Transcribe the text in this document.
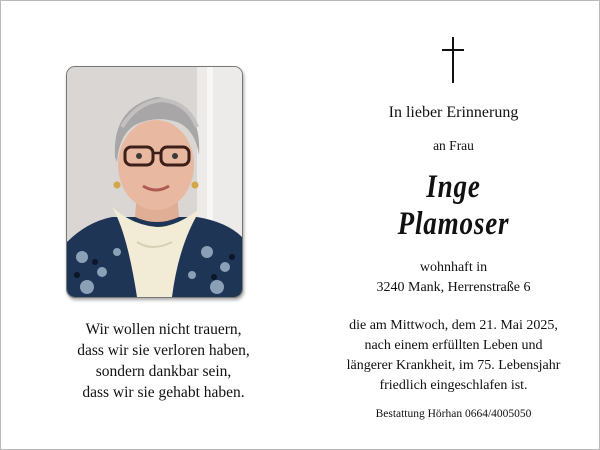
Wir wollen nicht trauern,
dass wir sie verloren haben,
sondern dankbar sein,
dass wir sie gehabt haben.
In lieber Erinnerung
an Frau
Inge
Plamoser
wohnhaft in
3240 Mank, Herrenstraße 6
die am Mittwoch, dem 21. Mai 2025,
nach einem erfüllten Leben und
längerer Krankheit, im 75. Lebensjahr
friedlich eingeschlafen ist.
Bestattung Hörhan 0664/4005050
